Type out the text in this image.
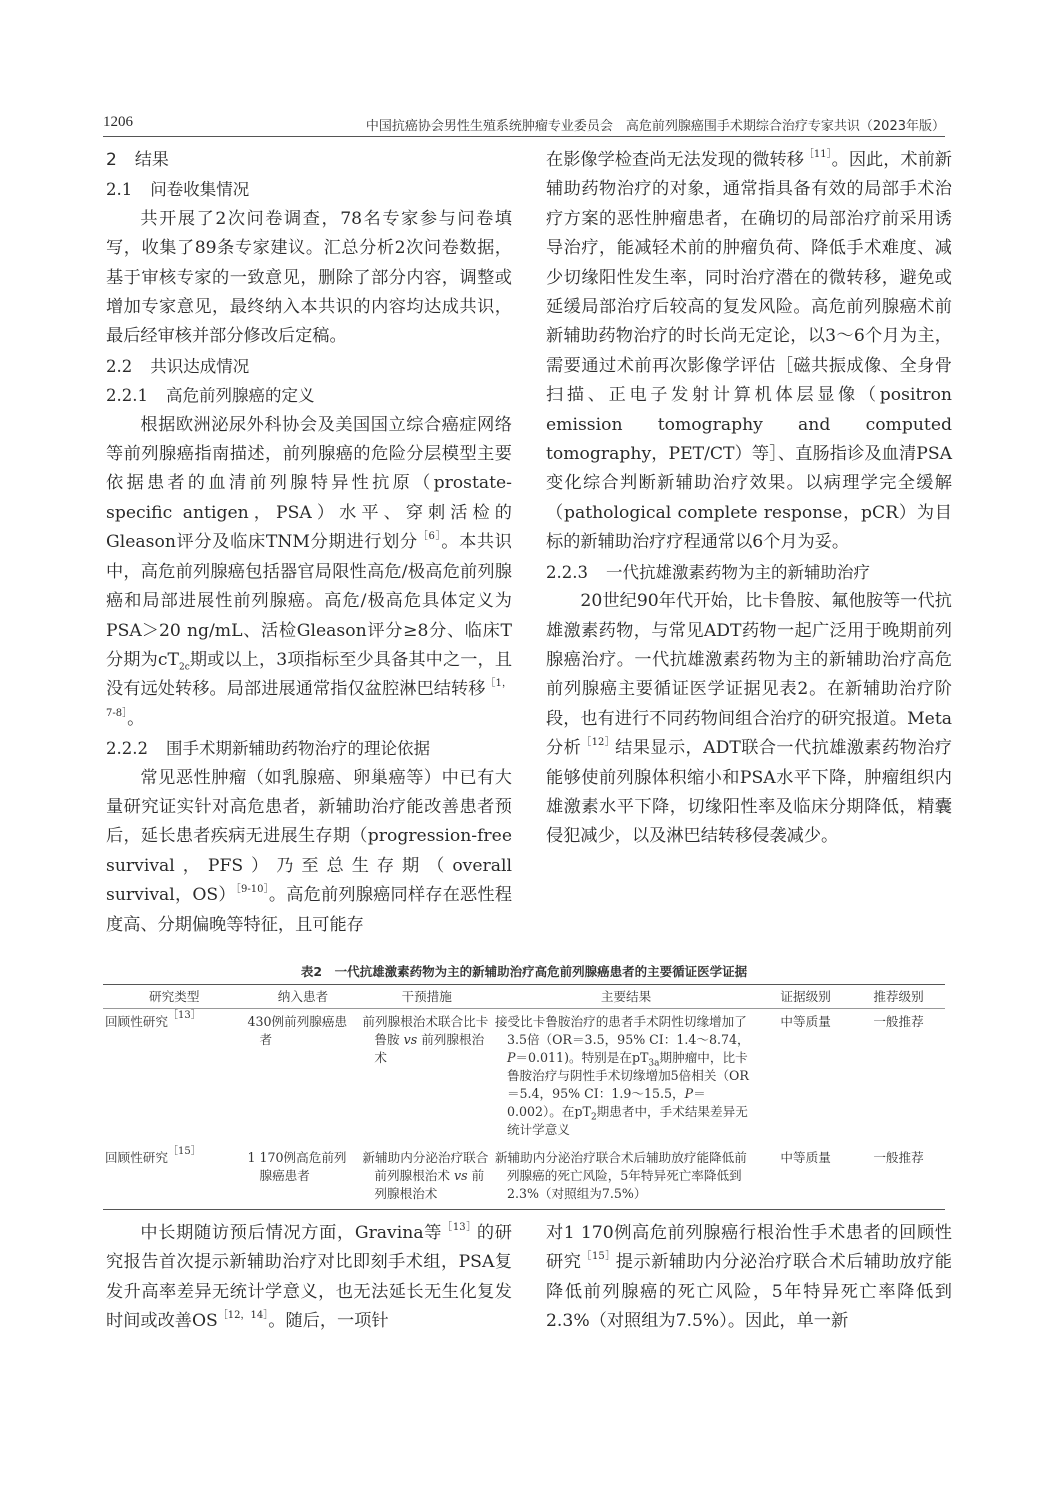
1206	中国抗癌协会男性生殖系统肿瘤专业委员会　高危前列腺癌围手术期综合治疗专家共识（2023年版）

2 结果

2.1 问卷收集情况

共开展了2次问卷调查，78名专家参与问卷填写，收集了89条专家建议。汇总分析2次问卷数据，基于审核专家的一致意见，删除了部分内容，调整或增加专家意见，最终纳入本共识的内容均达成共识，最后经审核并部分修改后定稿。

2.2 共识达成情况

2.2.1 高危前列腺癌的定义

根据欧洲泌尿外科协会及美国国立综合癌症网络等前列腺癌指南描述，前列腺癌的危险分层模型主要依据患者的血清前列腺特异性抗原（prostate-specific antigen，PSA）水平、穿刺活检的Gleason评分及临床TNM分期进行划分$^{[6]}$。本共识中，高危前列腺癌包括器官局限性高危/极高危前列腺癌和局部进展性前列腺癌。高危/极高危具体定义为PSA＞20 ng/mL、活检Gleason评分≥8分、临床T分期为$cT_{2c}$期或以上，3项指标至少具备其中之一，且没有远处转移。局部进展通常指仅盆腔淋巴结转移$^{[1,7-8]}$。

2.2.2 围手术期新辅助药物治疗的理论依据

常见恶性肿瘤（如乳腺癌、卵巢癌等）中已有大量研究证实针对高危患者，新辅助治疗能改善患者预后，延长患者疾病无进展生存期（progression-free survival，PFS）乃至总生存期（overall survival，OS）$^{[9-10]}$。高危前列腺癌同样存在恶性程度高、分期偏晚等特征，且可能存

在影像学检查尚无法发现的微转移$^{[11]}$。因此，术前新辅助药物治疗的对象，通常指具备有效的局部手术治疗方案的恶性肿瘤患者，在确切的局部治疗前采用诱导治疗，能减轻术前的肿瘤负荷、降低手术难度、减少切缘阳性发生率，同时治疗潜在的微转移，避免或延缓局部治疗后较高的复发风险。高危前列腺癌术前新辅助药物治疗的时长尚无定论，以3～6个月为主，需要通过术前再次影像学评估［磁共振成像、全身骨扫描、正电子发射计算机体层显像（positron emission tomography and computed tomography，PET/CT）等］、直肠指诊及血清PSA变化综合判断新辅助治疗效果。以病理学完全缓解（pathological complete response，pCR）为目标的新辅助治疗疗程通常以6个月为妥。

2.2.3 一代抗雄激素药物为主的新辅助治疗

20世纪90年代开始，比卡鲁胺、氟他胺等一代抗雄激素药物，与常见ADT药物一起广泛用于晚期前列腺癌治疗。一代抗雄激素药物为主的新辅助治疗高危前列腺癌主要循证医学证据见表2。在新辅助治疗阶段，也有进行不同药物间组合治疗的研究报道。Meta分析$^{[12]}$结果显示，ADT联合一代抗雄激素药物治疗能够使前列腺体积缩小和PSA水平下降，肿瘤组织内雄激素水平下降，切缘阳性率及临床分期降低，精囊侵犯减少，以及淋巴结转移侵袭减少。

表2　一代抗雄激素药物为主的新辅助治疗高危前列腺癌患者的主要循证医学证据
研究类型	纳入患者	干预措施	主要结果	证据级别	推荐级别
回顾性研究$^{[13]}$	430例前列腺癌患者	前列腺根治术联合比卡鲁胺 vs 前列腺根治术	接受比卡鲁胺治疗的患者手术阴性切缘增加了3.5倍（OR＝3.5，95% CI：1.4～8.74，P＝0.011)。特别是在$pT_{3a}$期肿瘤中，比卡鲁胺治疗与阴性手术切缘增加5倍相关（OR＝5.4，95% CI：1.9～15.5，P＝0.002）。在$pT_2$期患者中，手术结果差异无统计学意义	中等质量	一般推荐
回顾性研究$^{[15]}$	1 170例高危前列腺癌患者	新辅助内分泌治疗联合前列腺根治术 vs 前列腺根治术	新辅助内分泌治疗联合术后辅助放疗能降低前列腺癌的死亡风险，5年特异死亡率降低到2.3%（对照组为7.5%）	中等质量	一般推荐

中长期随访预后情况方面，Gravina等$^{[13]}$的研究报告首次提示新辅助治疗对比即刻手术组，PSA复发升高率差异无统计学意义，也无法延长无生化复发时间或改善$OS^{[12,14]}$。随后，一项针

对1 170例高危前列腺癌行根治性手术患者的回顾性研究$^{[15]}$提示新辅助内分泌治疗联合术后辅助放疗能降低前列腺癌的死亡风险，5年特异死亡率降低到2.3%（对照组为7.5%）。因此，单一新
